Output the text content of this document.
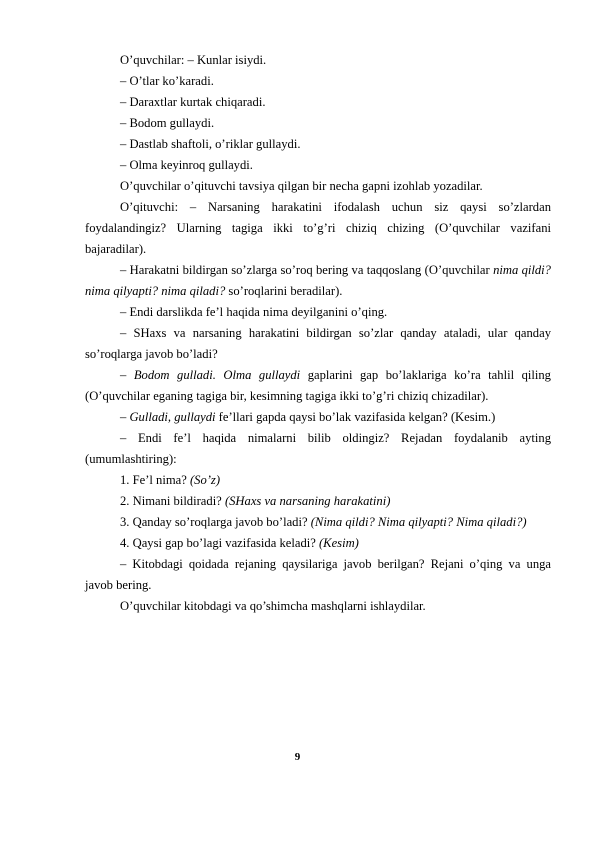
O’quvchilar: – Kunlar isiydi.

– O’tlar ko’karadi.

– Daraxtlar kurtak chiqaradi.

– Bodom gullaydi.

– Dastlab shaftoli, o’riklar gullaydi.

– Olma keyinroq gullaydi.

O’quvchilar o’qituvchi tavsiya qilgan bir necha gapni izohlab yozadilar.

O’qituvchi: – Narsaning harakatini ifodalash uchun siz qaysi so’zlardan foydalandingiz? Ularning tagiga ikki to’g’ri chiziq chizing (O’quvchilar vazifani bajaradilar).

– Harakatni bildirgan so’zlarga so’roq bering va taqqoslang (O’quvchilar nima qildi? nima qilyapti? nima qiladi? so’roqlarini beradilar).

– Endi darslikda fe’l haqida nima deyilganini o’qing.

– SHaxs va narsaning harakatini bildirgan so’zlar qanday ataladi, ular qanday so’roqlarga javob bo’ladi?

– Bodom gulladi. Olma gullaydi gaplarini gap bo’laklariga ko’ra tahlil qiling (O’quvchilar eganing tagiga bir, kesimning tagiga ikki to’g’ri chiziq chizadilar).

– Gulladi, gullaydi fe’llari gapda qaysi bo’lak vazifasida kelgan? (Kesim.)

– Endi fe’l haqida nimalarni bilib oldingiz? Rejadan foydalanib ayting (umumlashtiring):

1. Fe’l nima? (So’z)

2. Nimani bildiradi? (SHaxs va narsaning harakatini)

3. Qanday so’roqlarga javob bo’ladi? (Nima qildi? Nima qilyapti? Nima qiladi?)

4. Qaysi gap bo’lagi vazifasida keladi? (Kesim)

– Kitobdagi qoidada rejaning qaysilariga javob berilgan? Rejani o’qing va unga javob bering.

O’quvchilar kitobdagi va qo’shimcha mashqlarni ishlaydilar.

9
